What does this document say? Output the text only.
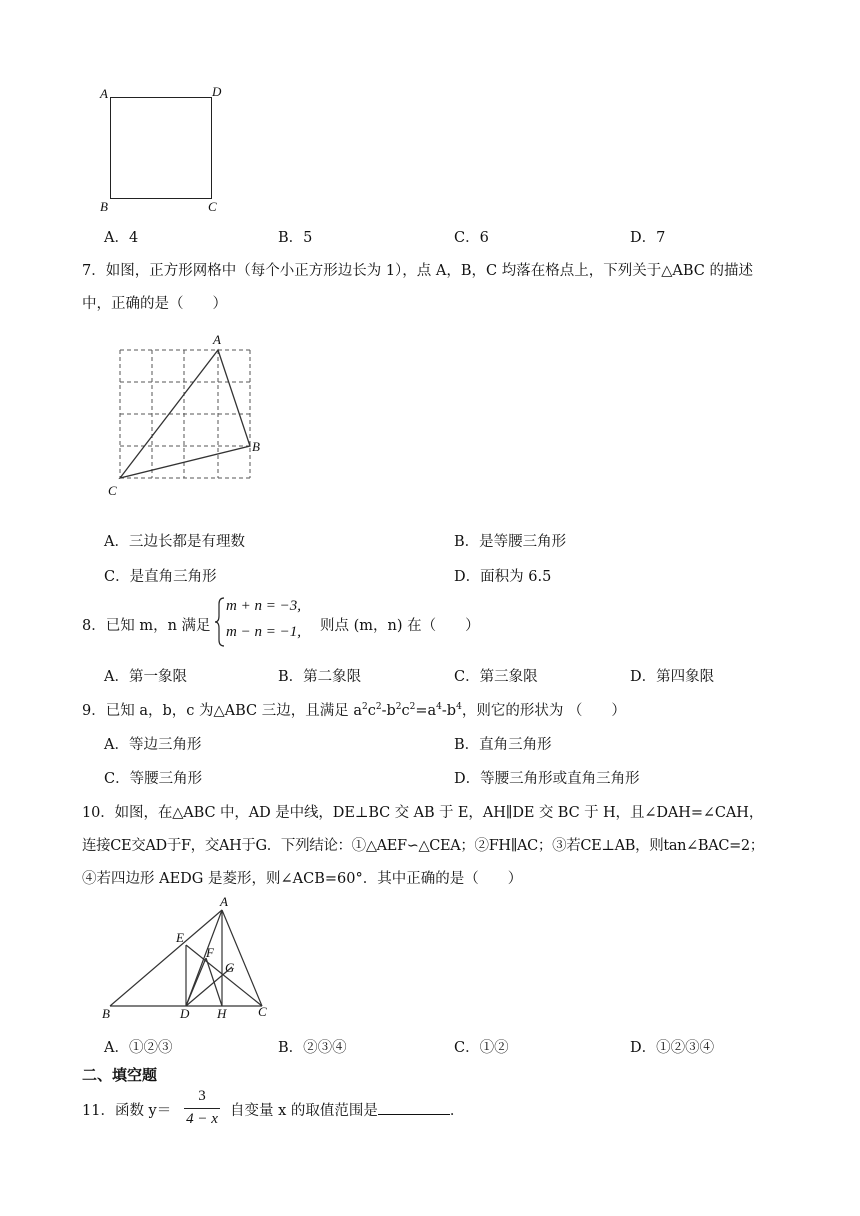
A	D
B	C
A．4	B．5	C．6	D．7
7．如图，正方形网格中（每个小正方形边长为 1），点 A，B，C 均落在格点上，下列关于△ABC 的描述
中，正确的是（　　）
A
B
C
A．三边长都是有理数	B．是等腰三角形
C．是直角三角形	D．面积为 6.5
8．已知 m，n 满足
m + n = −3,
m − n = −1, 则点 (m，n) 在（　　）
A．第一象限	B．第二象限	C．第三象限	D．第四象限
9．已知 a，b，c 为△ABC 三边，且满足 $a^2c^2-b^2c^2=a^4-b^4$，则它的形状为 （　　）
A．等边三角形	B．直角三角形
C．等腰三角形	D．等腰三角形或直角三角形
10．如图，在△ABC 中，AD 是中线，DE⊥BC 交 AB 于 E，AH∥DE 交 BC 于 H，且∠DAH=∠CAH，
连接CE交AD于F，交AH于G．下列结论：①△AEF∽△CEA；②FH∥AC；③若CE⊥AB，则tan∠BAC=2；
④若四边形 AEDG 是菱形，则∠ACB=60°．其中正确的是（　　）
A
E
F
G
B	D H C
A．①②③	B．②③④	C．①②	D．①②③④
二、填空题
11．函数 y＝
3
4 − x 自变量 x 的取值范围是	．
